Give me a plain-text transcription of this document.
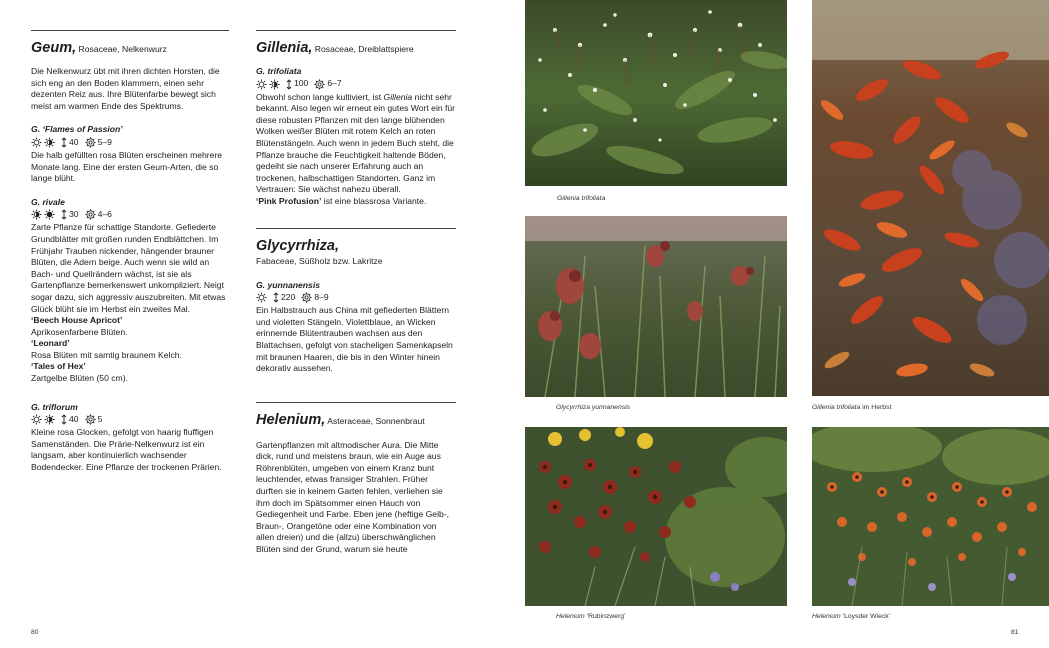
Geum, Rosaceae, Nelkenwurz

Die Nelkenwurz übt mit ihren dichten Horsten, die sich eng an den Boden klammern, einen sehr dezenten Reiz aus. Ihre Blütenfarbe bewegt sich meist am warmen Ende des Spektrums.

G. ‘Flames of Passion’
40 5–9

Die halb gefüllten rosa Blüten erscheinen mehrere Monate lang. Eine der ersten Geum-Arten, die so lange blüht.

G. rivale
30 4–6

Zarte Pflanze für schattige Standorte. Gefiederte Grundblätter mit großen runden Endblättchen. Im Frühjahr Trauben nickender, hängender brauner Blüten, die Adern beige. Auch wenn sie wild an Bach- und Quellrändern wächst, ist sie als Gartenpflanze bemerkenswert unkompliziert. Neigt sogar dazu, sich aggressiv auszubreiten. Mit etwas Glück blüht sie im Herbst ein zweites Mal.

‘Beech House Apricot’
Aprikosenfarbene Blüten.
‘Leonard’
Rosa Blüten mit samtig braunem Kelch.
‘Tales of Hex’
Zartgelbe Blüten (50 cm).
G. triflorum
40 5

Kleine rosa Glocken, gefolgt von haarig fluffigen Samenständen. Die Prärie-Nelkenwurz ist ein langsam, aber kontinuierlich wachsender Bodendecker. Eine Pflanze der trockenen Prärien.

Gillenia, Rosaceae, Dreiblattspiere
G. trifoliata
100 6–7

Obwohl schon lange kultiviert, ist Gillenia nicht sehr bekannt. Also legen wir erneut ein gutes Wort ein für diese robusten Pflanzen mit den lange blühenden Wolken weißer Blüten mit rotem Kelch an roten Blütenstängeln. Auch wenn in jedem Buch steht, die Pflanze brauche die Feuchtigkeit haltende Böden, gedeiht sie nach unserer Erfahrung auch an trockenen, halbschattigen Standorten. Ganz im Vertrauen: Sie wächst nahezu überall.

‘Pink Profusion’ ist eine blassrosa Variante.

Glycyrrhiza,
Fabaceae, Süßholz bzw. Lakritze
G. yunnanensis
220 8–9

Ein Halbstrauch aus China mit gefiederten Blättern und violetten Stängeln. Violettblaue, an Wicken erinnernde Blütentrauben wachsen aus den Blattachsen, gefolgt von stacheligen Samenkapseln mit braunen Haaren, die bis in den Winter hinein dekorativ aussehen.

Helenium, Asteraceae, Sonnenbraut

Gartenpflanzen mit altmodischer Aura. Die Mitte dick, rund und meistens braun, wie ein Auge aus Röhrenblüten, umgeben von einem Kranz bunt leuchtender, etwas fransiger Strahlen. Früher durften sie in keinem Garten fehlen, verliehen sie ihm doch im Spätsommer einen Hauch von Gediegenheit und Farbe. Eben jene (heftige Gelb-, Braun-, Orangetöne oder eine Kombination von allen dreien) und die (allzu) überschwänglichen Blüten sind der Grund, warum sie heute

Gillenia trifoliata
Glycyrrhiza yunnanensis	Gillenia trifoliata im Herbst
Helenium ‘Rubinzwerg’	Helenium ‘Loysder Wieck’
80	81
